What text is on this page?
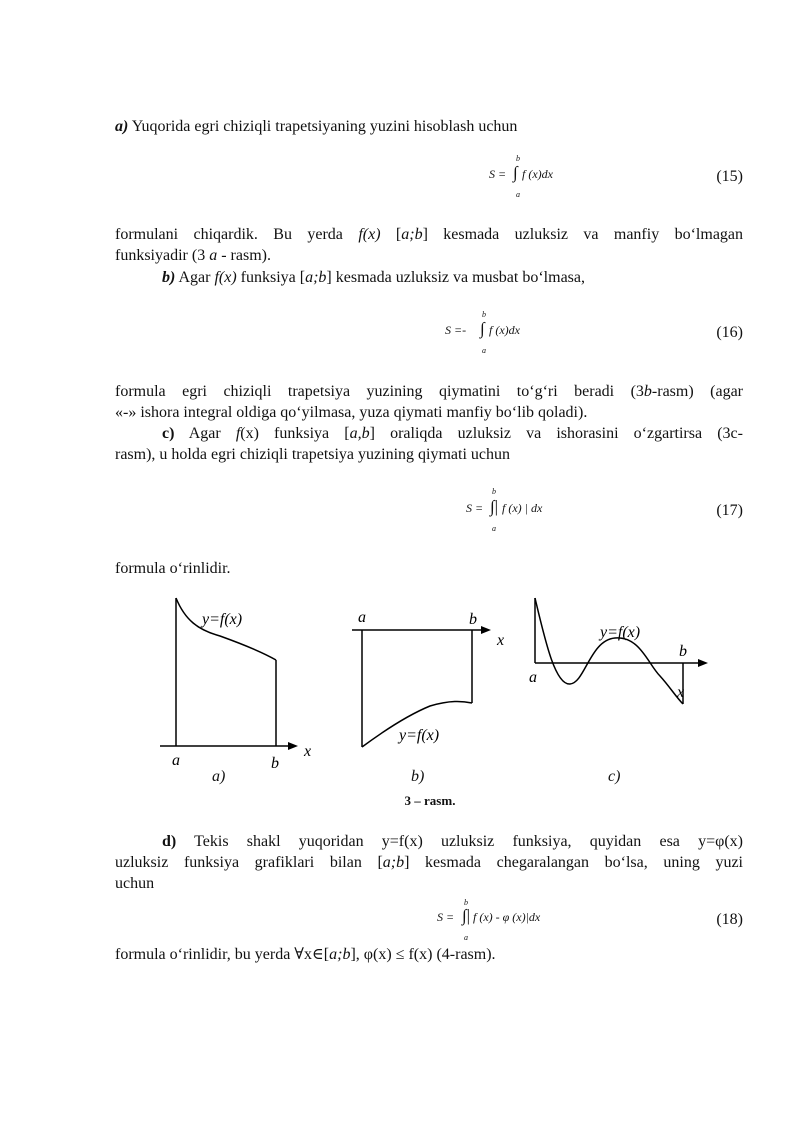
a) Yuqorida egri chiziqli trapetsiyaning yuzini hisoblash uchun
b
S = ∫ f (x)dx
a
(15)
formulani chiqardik. Bu yerda f(x) [a;b] kesmada uzluksiz va manfiy bo‘lmagan
funksiyadir (3 a - rasm).
b) Agar f(x) funksiya [a;b] kesmada uzluksiz va musbat bo‘lmasa,
b
S =- ∫ f (x)dx
a
(16)
formula egri chiziqli trapetsiya yuzining qiymatini to‘g‘ri beradi (3b-rasm) (agar
«-» ishora integral oldiga qo‘yilmasa, yuza qiymati manfiy bo‘lib qoladi).
c) Agar f(x) funksiya [a,b] oraliqda uzluksiz va ishorasini o‘zgartirsa (3c-
rasm), u holda egri chiziqli trapetsiya yuzining qiymati uchun
b
S = ∫| f (x) | dx
a
(17)
formula o‘rinlidir.
y=f(x)
a	b
x
a	b
x
y=f(x)
y=f(x)
b
a
x
a)	b)	c)
3 – rasm.
d) Tekis shakl yuqoridan y=f(x) uzluksiz funksiya, quyidan esa y=φ(x)
uzluksiz funksiya grafiklari bilan [a;b] kesmada chegaralangan bo‘lsa, uning yuzi
uchun
b
S = ∫| f (x) - φ (x)|dx
a
(18)
formula o‘rinlidir, bu yerda ∀x∈[a;b], φ(x) ≤ f(x) (4-rasm).
